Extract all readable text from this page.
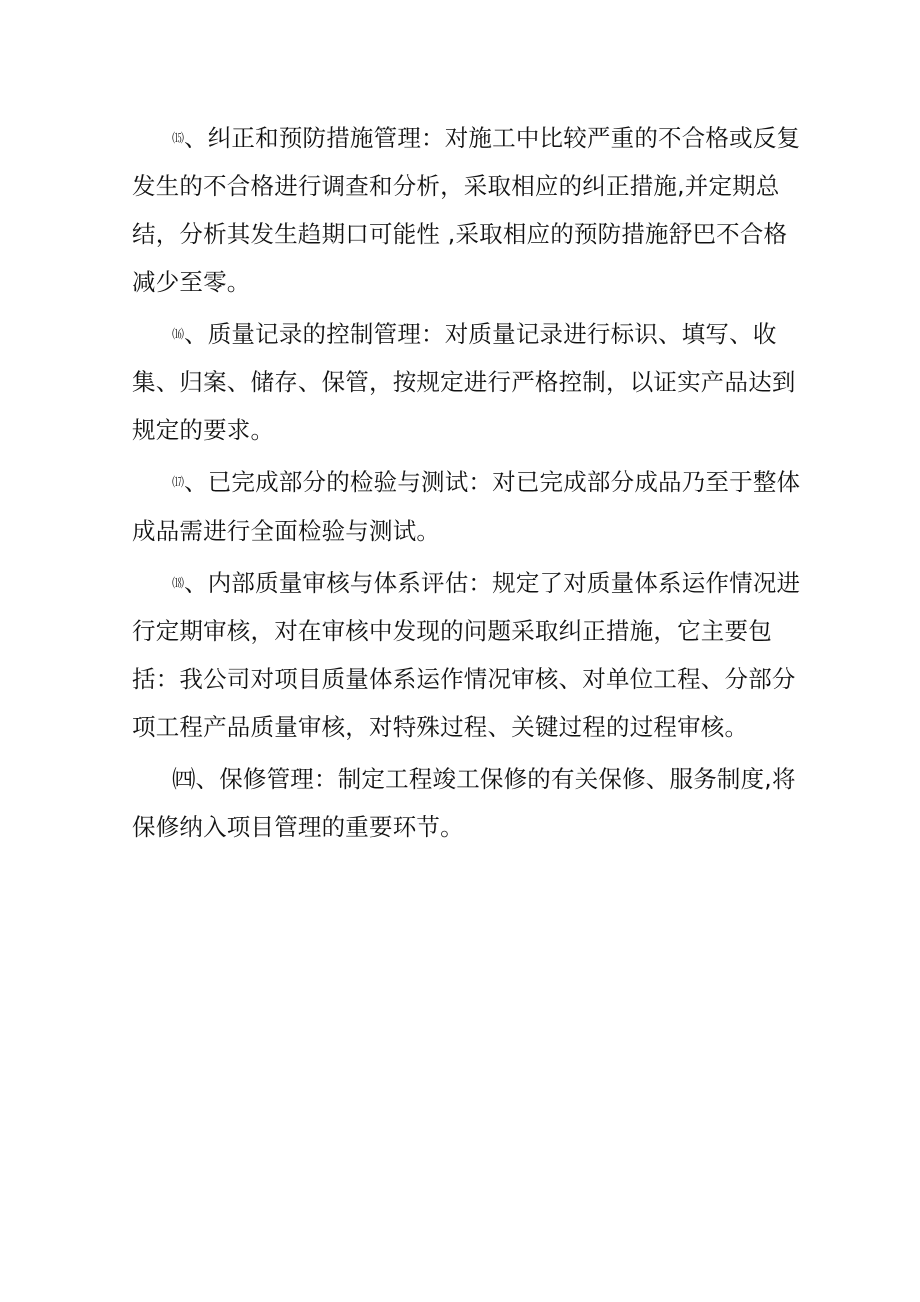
⒂、纠正和预防措施管理：对施工中比较严重的不合格或反复发生的不合格进行调查和分析，采取相应的纠正措施,并定期总结，分析其发生趋期口可能性 ,采取相应的预防措施舒巴不合格减少至零。

⒃、质量记录的控制管理：对质量记录进行标识、填写、收集、归案、储存、保管，按规定进行严格控制，以证实产品达到规定的要求。

⒄、已完成部分的检验与测试：对已完成部分成品乃至于整体成品需进行全面检验与测试。

⒅、内部质量审核与体系评估：规定了对质量体系运作情况进行定期审核，对在审核中发现的问题采取纠正措施，它主要包括：我公司对项目质量体系运作情况审核、对单位工程、分部分项工程产品质量审核，对特殊过程、关键过程的过程审核。

㈣、保修管理：制定工程竣工保修的有关保修、服务制度,将保修纳入项目管理的重要环节。
